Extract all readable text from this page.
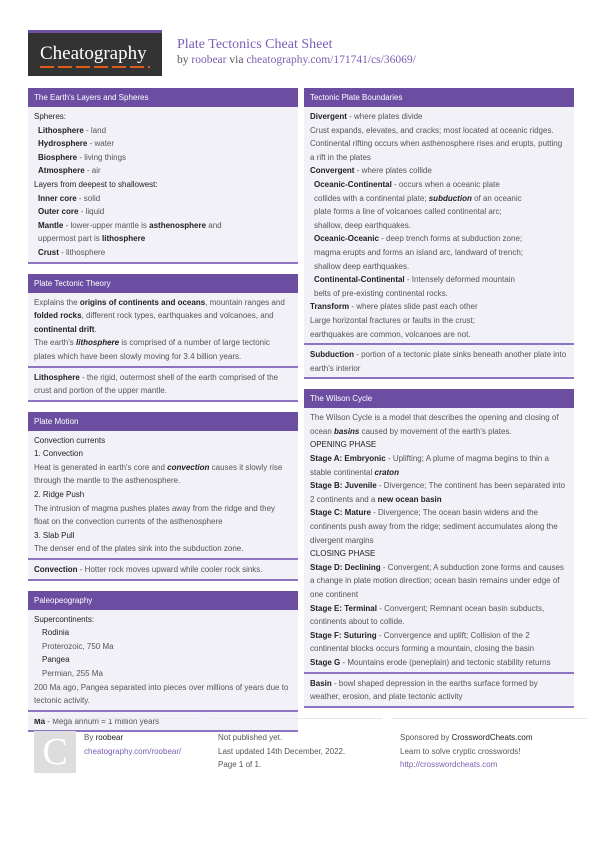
Cheatography Plate Tectonics Cheat Sheet
by roobear via cheatography.com/171741/cs/36069/
The Earth's Layers and Spheres
Spheres:
Lithosphere - land
Hydrosphere - water
Biosphere - living things
Atmosphere - air
Layers from deepest to shallowest:
Inner core - solid
Outer core - liquid
Mantle - lower-upper mantle is asthenosphere and
uppermost part is lithosphere
Crust - lithosphere
Plate Tectonic Theory
Explains the origins of continents and oceans, mountain ranges and folded rocks, different rock types, earthquakes and volcanoes, and continental drift.
The earth's lithosphere is comprised of a number of large tectonic plates which have been slowly moving for 3.4 billion years.
Lithosphere - the rigid, outermost shell of the earth comprised of the crust and portion of the upper mantle.
Plate Motion
Convection currents
1. Convection
Heat is generated in earth's core and convection causes it slowly rise through the mantle to the asthenosphere.
2. Ridge Push
The intrusion of magma pushes plates away from the ridge and they float on the convection currents of the asthenosphere
3. Slab Pull
The denser end of the plates sink into the subduction zone.
Convection - Hotter rock moves upward while cooler rock sinks.
Paleopeography
Supercontinents:
Rodinia
Proterozoic, 750 Ma
Pangea
Permian, 255 Ma
200 Ma ago, Pangea separated into pieces over millions of years due to tectonic activity.
Ma - Mega annum = 1 million years
Tectonic Plate Boundaries
Divergent - where plates divide
Crust expands, elevates, and cracks; most located at oceanic ridges.
Continental rifting occurs when asthenosphere rises and erupts, putting a rift in the plates
Convergent - where plates collide
Oceanic-Continental - occurs when a oceanic plate collides with a continental plate; subduction of an oceanic plate forms a line of volcanoes called continental arc; shallow, deep earthquakes.
Oceanic-Oceanic - deep trench forms at subduction zone; magma erupts and forms an island arc, landward of trench; shallow deep earthquakes.
Continental-Continental - Intensely deformed mountain belts of pre-existing continental rocks.
Transform - where plates slide past each other
Large horizontal fractures or faults in the crust;
earthquakes are common, volcanoes are not.
Subduction - portion of a tectonic plate sinks beneath another plate into earth's interior
The Wilson Cycle
The Wilson Cycle is a model that describes the opening and closing of ocean basins caused by movement of the earth's plates.
OPENING PHASE
Stage A: Embryonic - Uplifting; A plume of magma begins to thin a stable continental craton
Stage B: Juvenile - Divergence; The continent has been separated into 2 continents and a new ocean basin
Stage C: Mature - Divergence; The ocean basin widens and the continents push away from the ridge; sediment accumulates along the divergent margins
CLOSING PHASE
Stage D: Declining - Convergent; A subduction zone forms and causes a change in plate motion direction; ocean basin remains under edge of one continent
Stage E: Terminal - Convergent; Remnant ocean basin subducts, continents about to collide.
Stage F: Suturing - Convergence and uplift; Collision of the 2 continental blocks occurs forming a mountain, closing the basin
Stage G - Mountains erode (peneplain) and tectonic stability returns
Basin - bowl shaped depression in the earths surface formed by weather, erosion, and plate tectonic activity
C	By roobear
cheatography.com/roobear/
Not published yet.
Last updated 14th December, 2022.
Page 1 of 1.
Sponsored by CrosswordCheats.com
Learn to solve cryptic crosswords!
http://crosswordcheats.com
